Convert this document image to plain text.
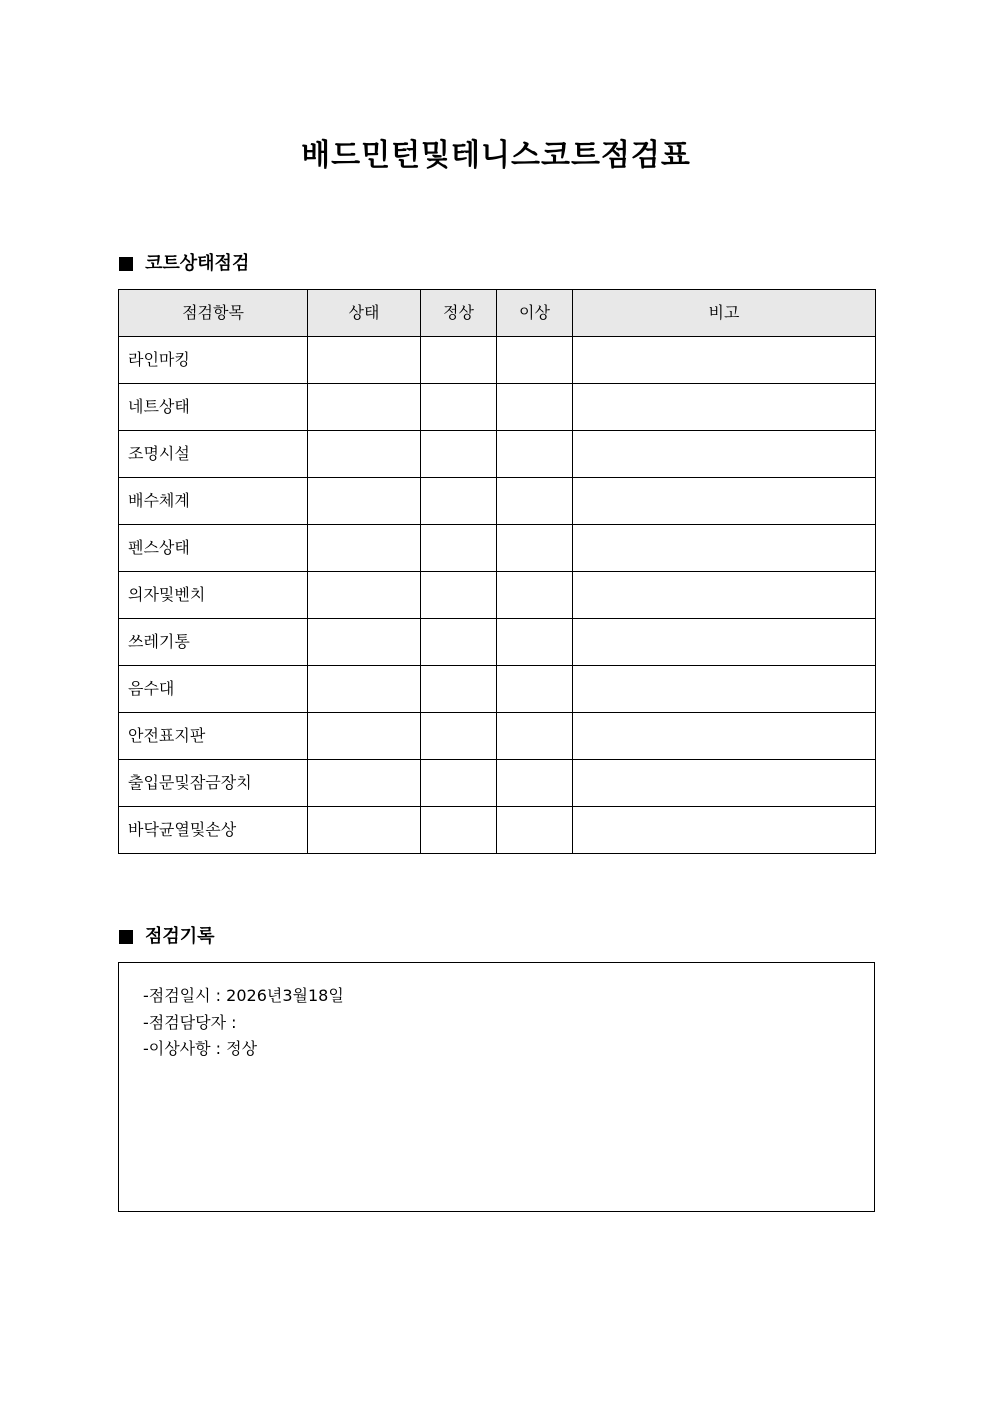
배드민턴및테니스코트점검표
코트상태점검
점검항목	상태	정상	이상	비고
라인마킹				
네트상태				
조명시설				
배수체계				
펜스상태				
의자및벤치				
쓰레기통				
음수대				
안전표지판				
출입문및잠금장치				
바닥균열및손상				
점검기록
-점검일시 : 2026년3월18일
-점검담당자 :
-이상사항 : 정상
